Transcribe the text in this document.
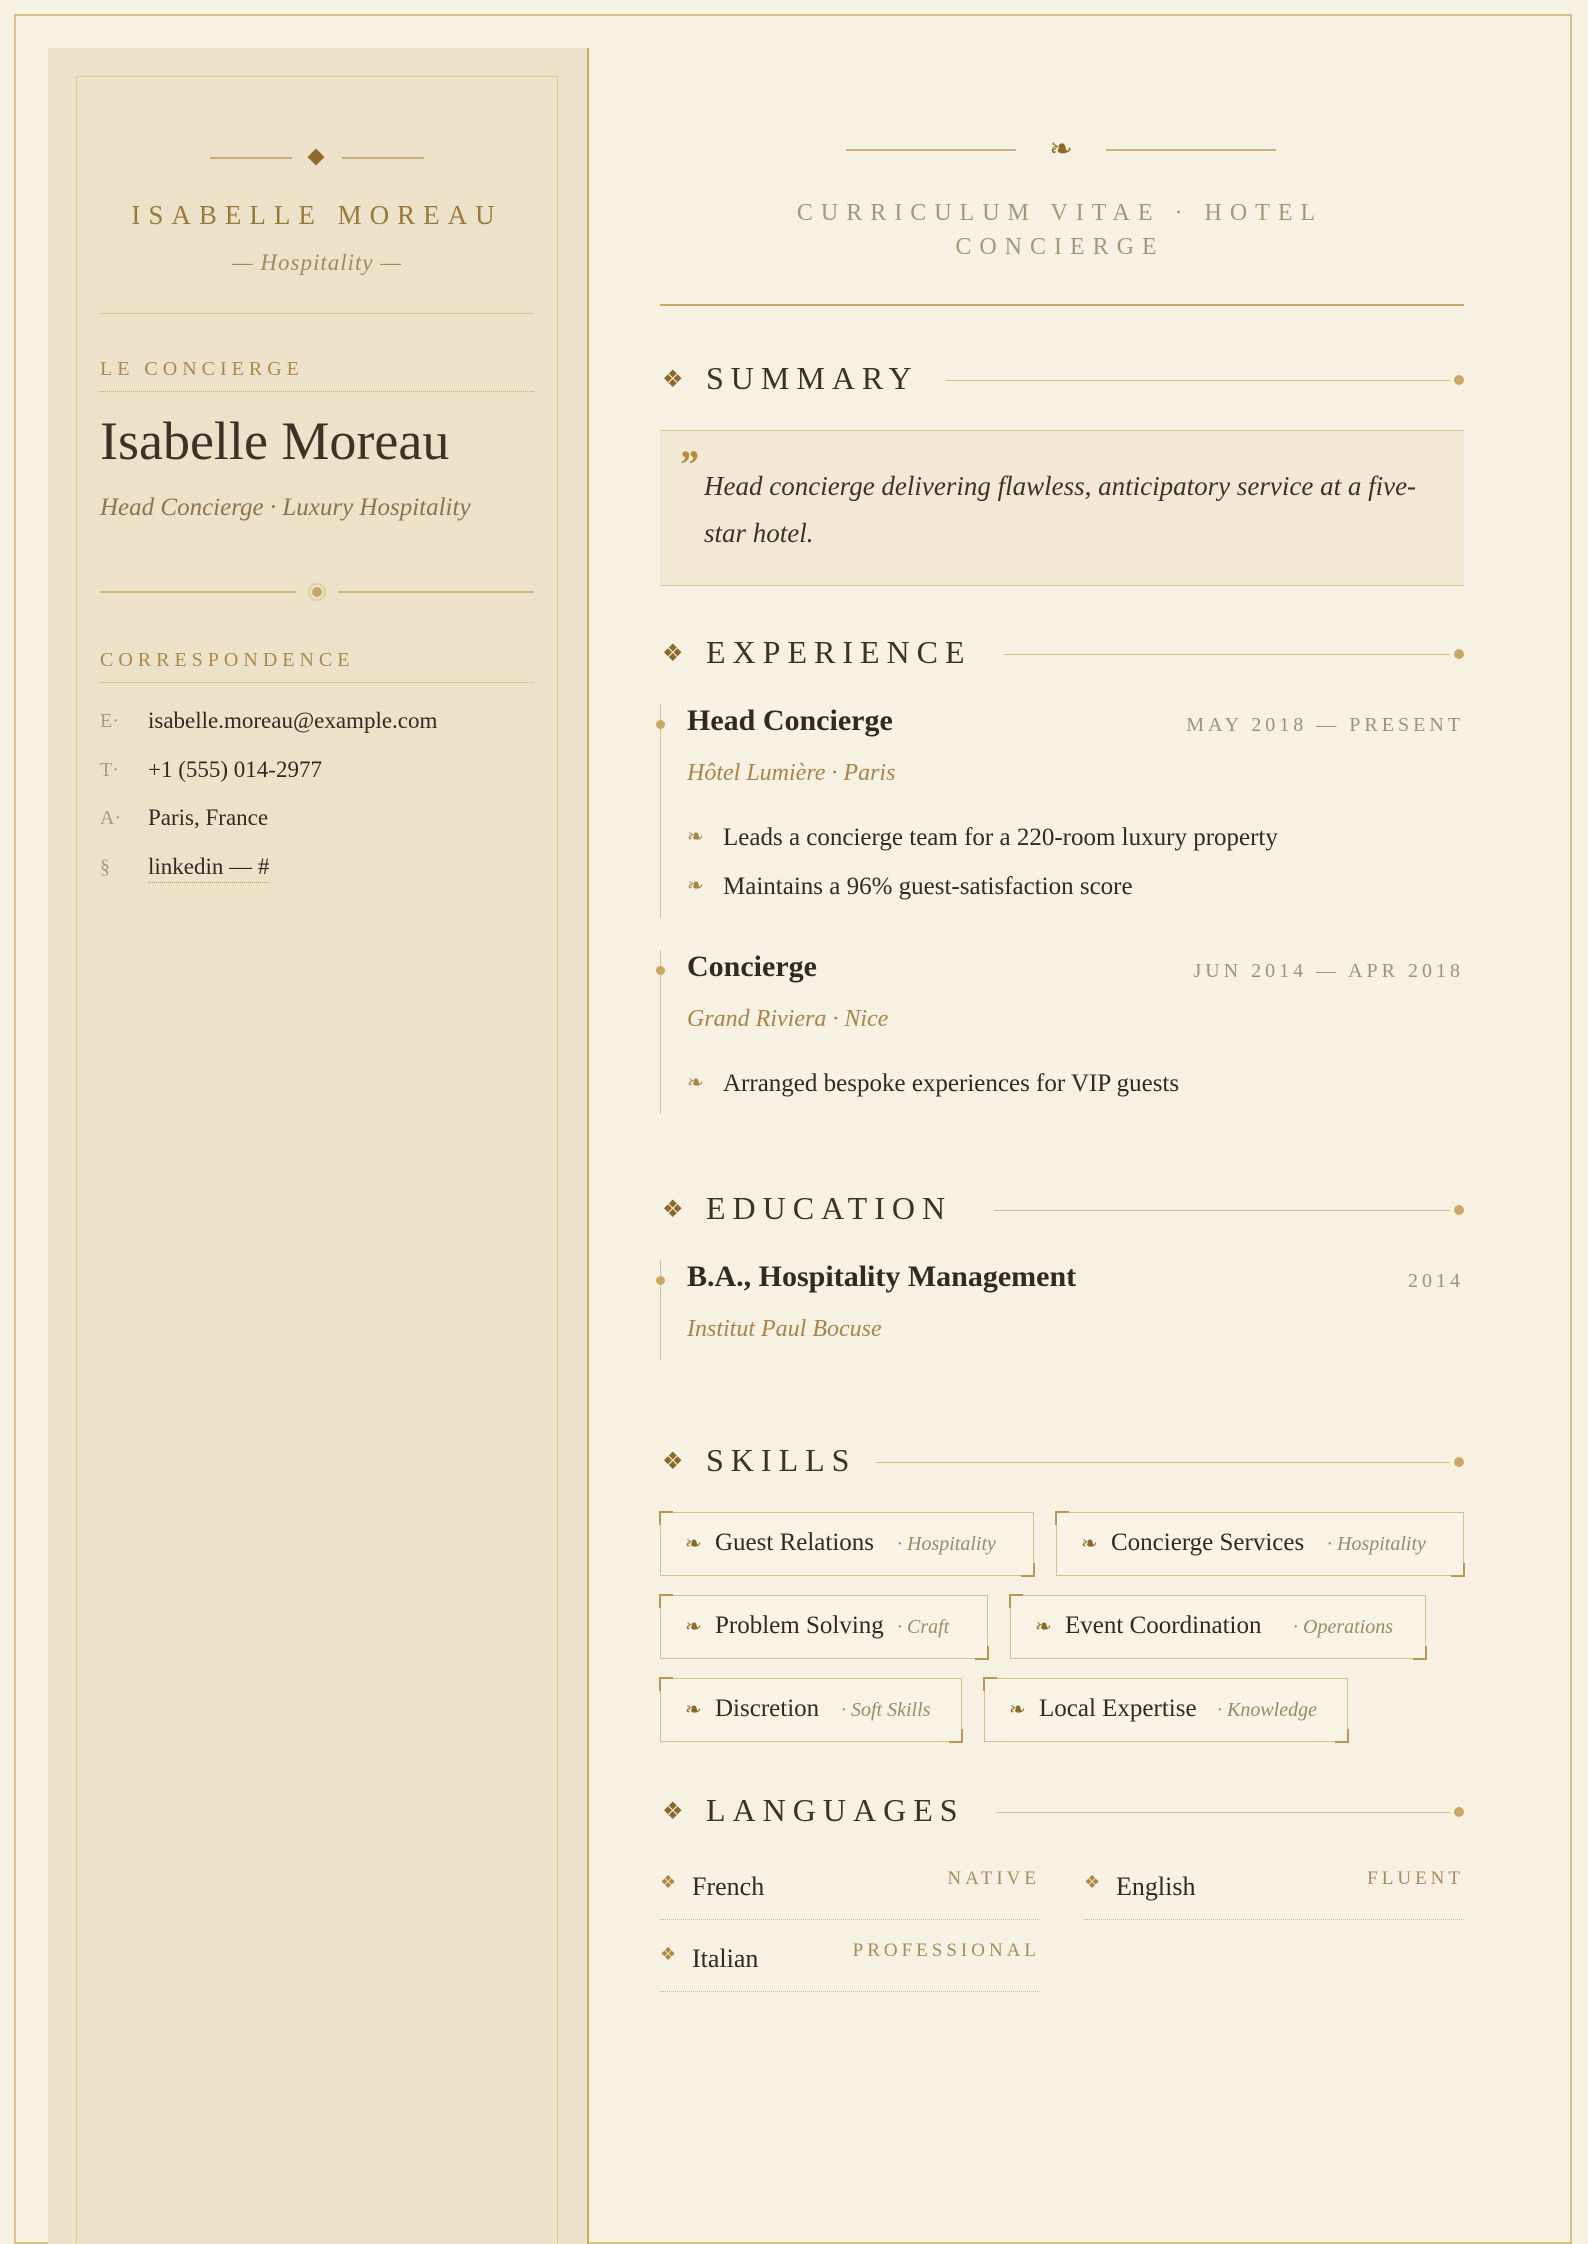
ISABELLE MOREAU
— Hospitality —
LE CONCIERGE
Isabelle Moreau
Head Concierge · Luxury Hospitality
CORRESPONDENCE
E· isabelle.moreau@example.com
T· +1 (555) 014-2977
A· Paris, France
§ linkedin — #
❧
CURRICULUM VITAE · HOTEL
CONCIERGE
❖ SUMMARY
” Head concierge delivering flawless, anticipatory service at a five-star hotel.
❖ EXPERIENCE
Head Concierge	MAY 2018 — PRESENT
Hôtel Lumière · Paris
❧ Leads a concierge team for a 220-room luxury property
❧ Maintains a 96% guest-satisfaction score
Concierge	JUN 2014 — APR 2018
Grand Riviera · Nice
❧ Arranged bespoke experiences for VIP guests
❖ EDUCATION
B.A., Hospitality Management	2014
Institut Paul Bocuse
❖ SKILLS
❧ Guest Relations · Hospitality	❧ Concierge Services · Hospitality
❧ Problem Solving · Craft	❧ Event Coordination · Operations
❧ Discretion · Soft Skills	❧ Local Expertise · Knowledge
❖ LANGUAGES
❖ French	NATIVE ❖ English	FLUENT
❖ Italian	PROFESSIONAL
